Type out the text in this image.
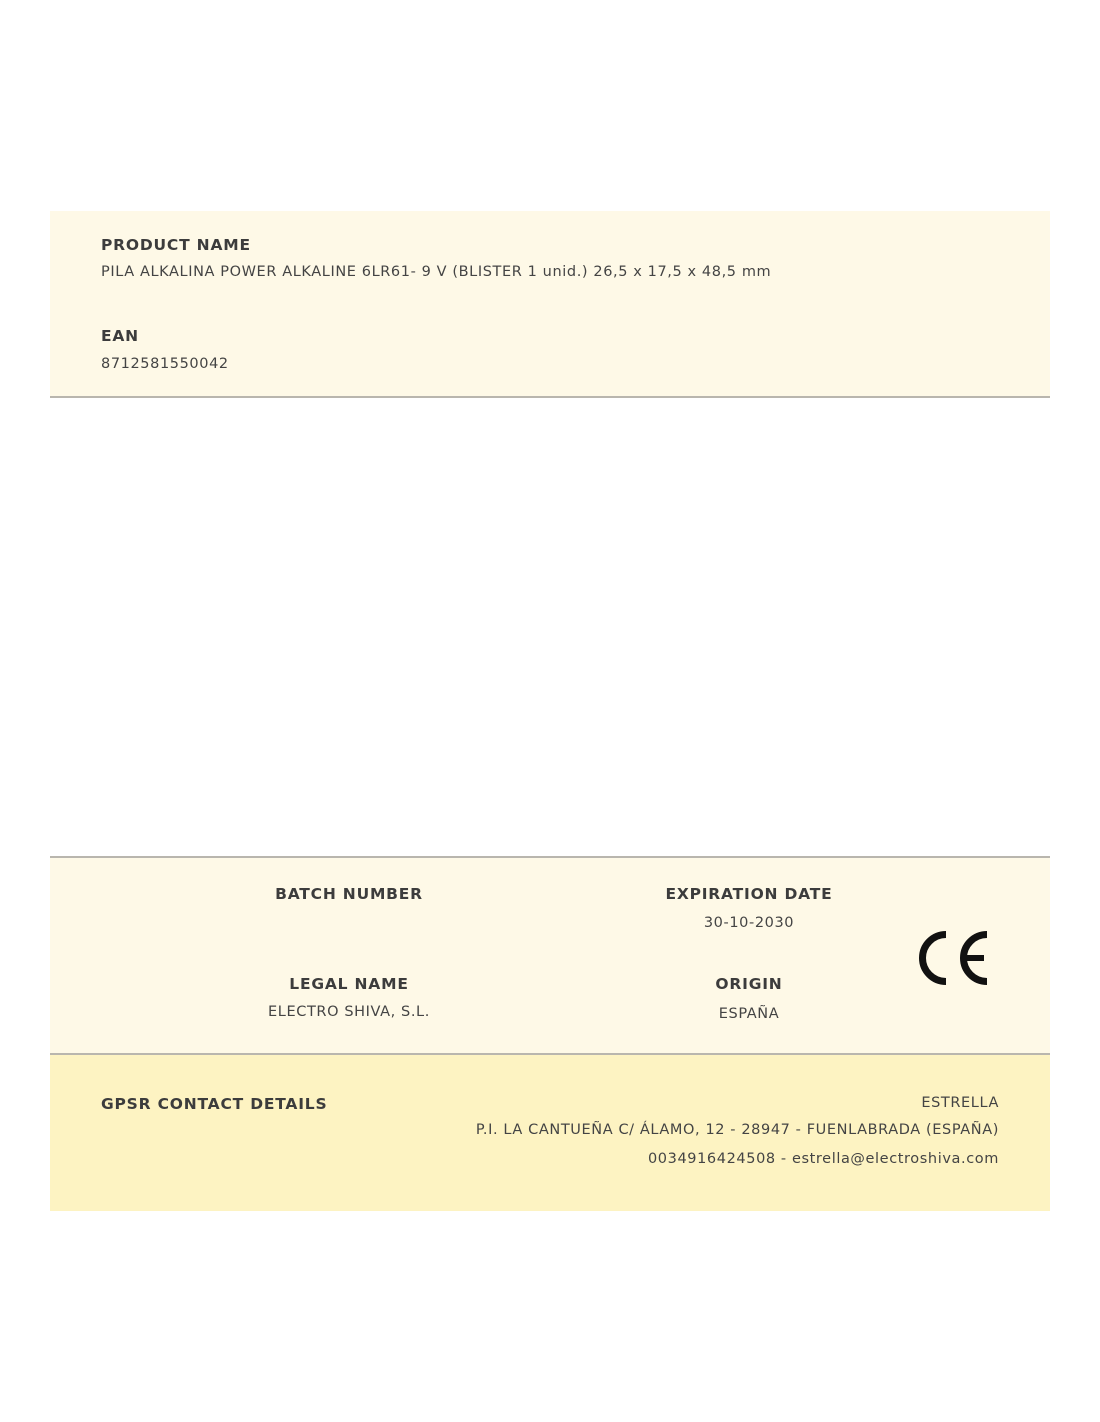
PRODUCT NAME
PILA ALKALINA POWER ALKALINE 6LR61- 9 V (BLISTER 1 unid.) 26,5 x 17,5 x 48,5 mm
EAN
8712581550042
BATCH NUMBER	EXPIRATION DATE
30-10-2030
LEGAL NAME
ELECTRO SHIVA, S.L.
ORIGIN
ESPAÑA
GPSR CONTACT DETAILS	ESTRELLA
P.I. LA CANTUEÑA C/ ÁLAMO, 12 - 28947 - FUENLABRADA (ESPAÑA)
0034916424508 - estrella@electroshiva.com
